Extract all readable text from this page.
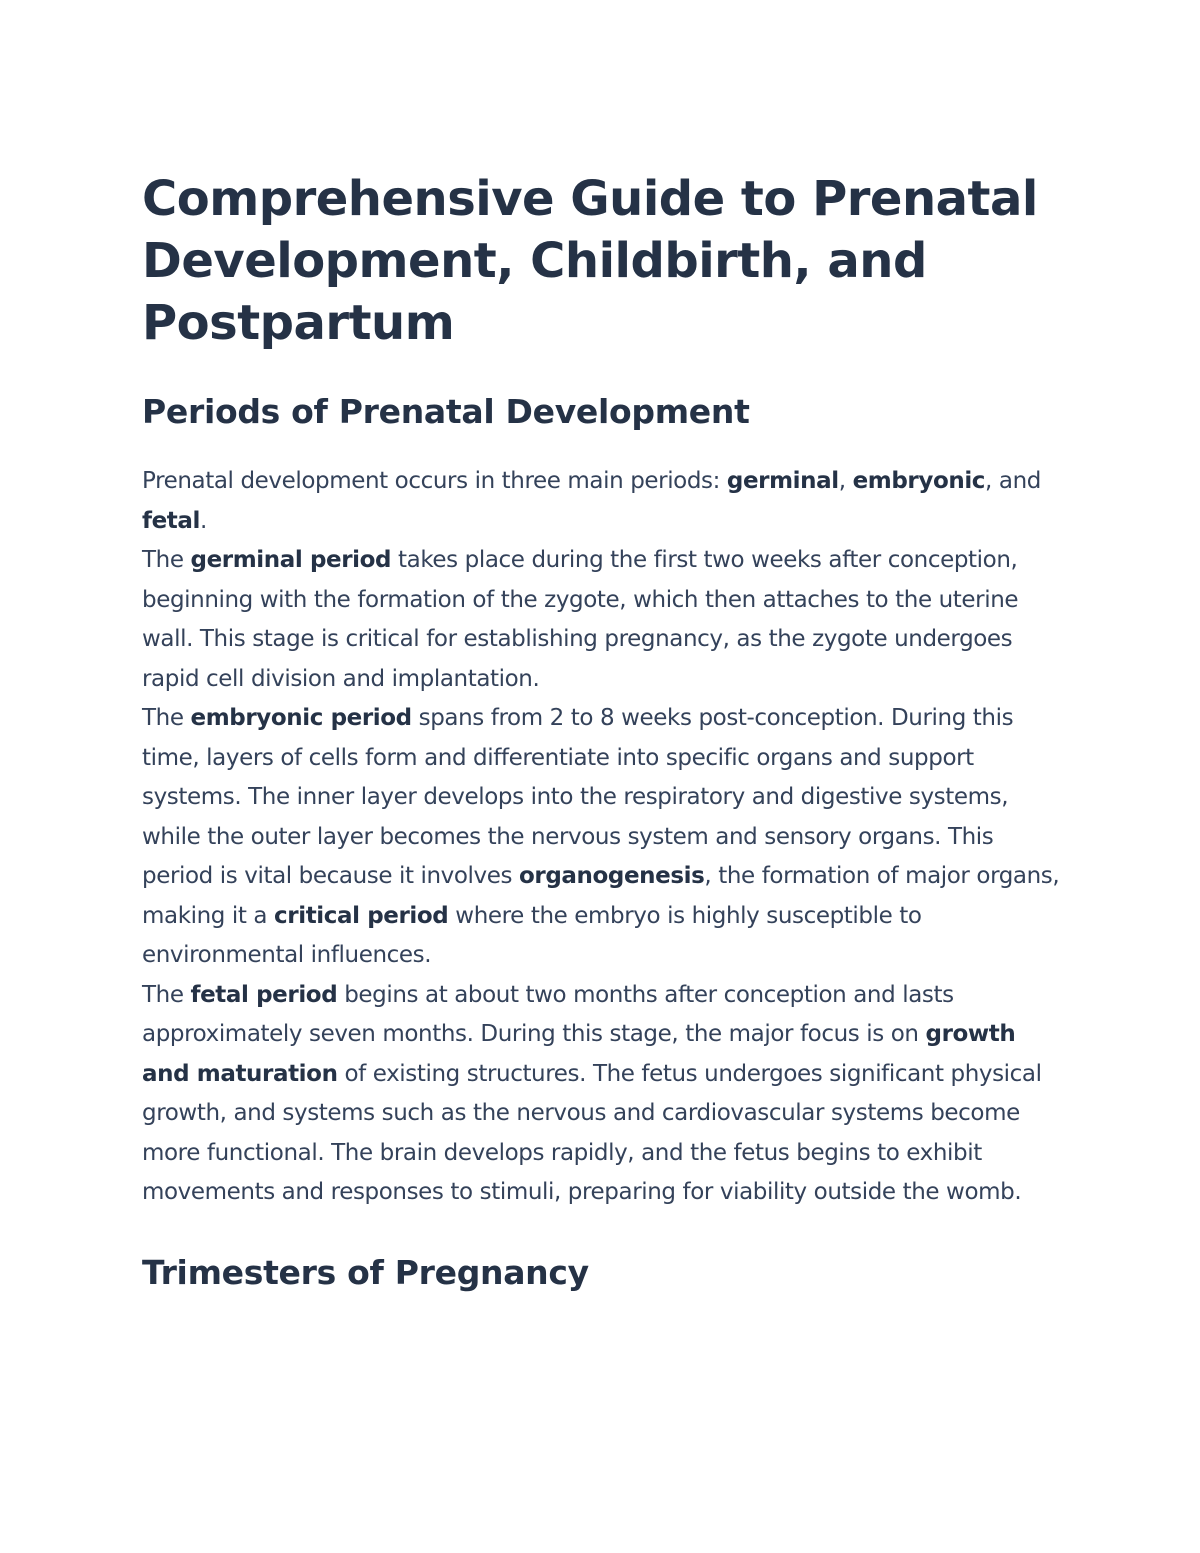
Comprehensive Guide to Prenatal Development, Childbirth, and Postpartum
Periods of Prenatal Development

Prenatal development occurs in three main periods: germinal, embryonic, and fetal.

The germinal period takes place during the first two weeks after conception, beginning with the formation of the zygote, which then attaches to the uterine wall. This stage is critical for establishing pregnancy, as the zygote undergoes rapid cell division and implantation.

The embryonic period spans from 2 to 8 weeks post-conception. During this time, layers of cells form and differentiate into specific organs and support systems. The inner layer develops into the respiratory and digestive systems, while the outer layer becomes the nervous system and sensory organs. This period is vital because it involves organogenesis, the formation of major organs, making it a critical period where the embryo is highly susceptible to environmental influences.

The fetal period begins at about two months after conception and lasts approximately seven months. During this stage, the major focus is on growth and maturation of existing structures. The fetus undergoes significant physical growth, and systems such as the nervous and cardiovascular systems become more functional. The brain develops rapidly, and the fetus begins to exhibit movements and responses to stimuli, preparing for viability outside the womb.

Trimesters of Pregnancy
